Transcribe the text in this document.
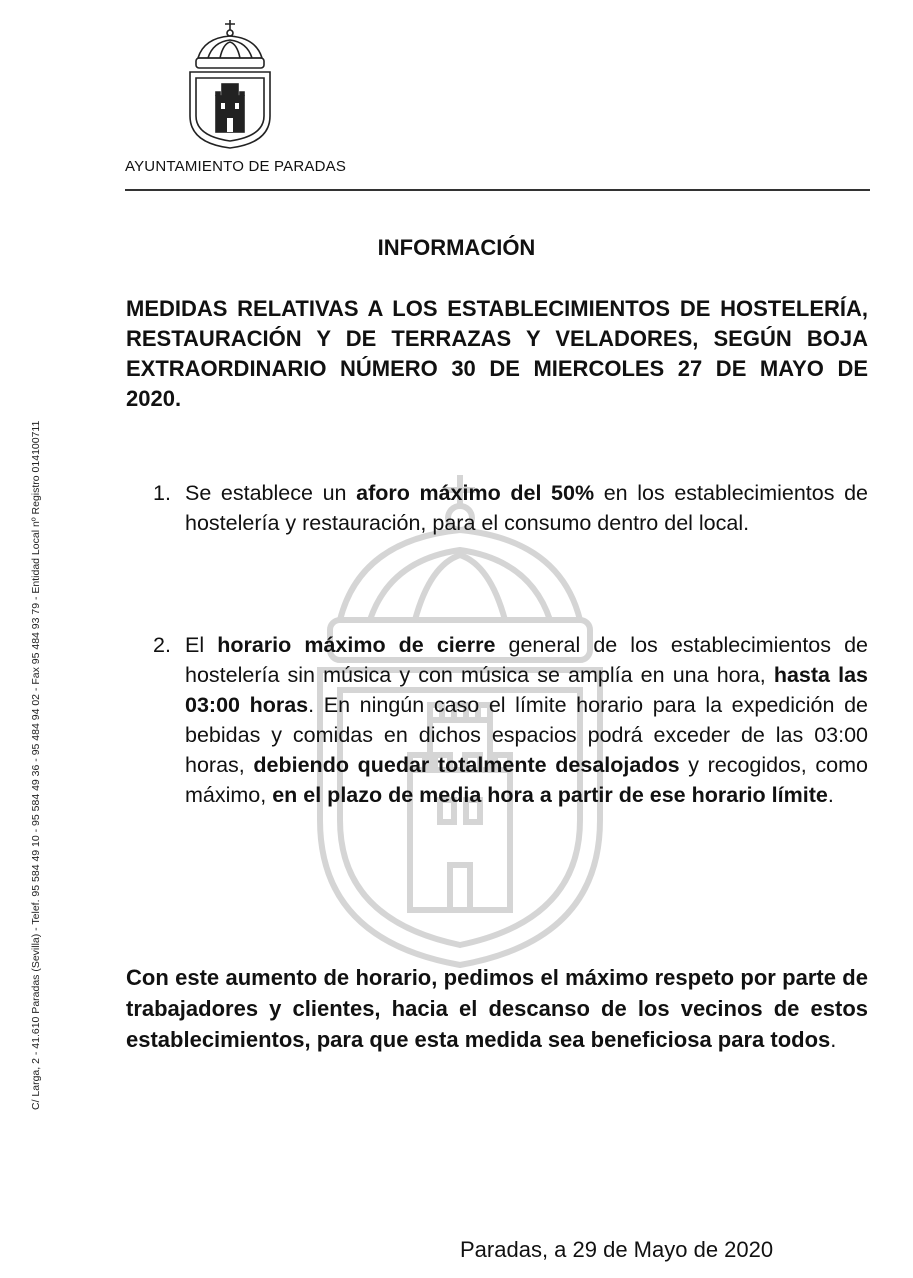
AYUNTAMIENTO DE PARADAS
C/ Larga, 2 - 41.610 Paradas (Sevilla) - Telef. 95 584 49 10 - 95 584 49 36 - 95 484 94 02 - Fax 95 484 93 79 - Entidad Local nº Registro 01410071​1
INFORMACIÓN
MEDIDAS RELATIVAS A LOS ESTABLECIMIENTOS DE HOSTELERÍA, RESTAURACIÓN Y DE TERRAZAS Y VELADORES, SEGÚN BOJA EXTRAORDINARIO NÚMERO 30 DE MIERCOLES 27 DE MAYO DE 2020.
1. Se establece un aforo máximo del 50% en los establecimientos de hostelería y restauración, para el consumo dentro del local.
2. El horario máximo de cierre general de los establecimientos de hostelería sin música y con música se amplía en una hora, hasta las 03:00 horas. En ningún caso el límite horario para la expedición de bebidas y comidas en dichos espacios podrá exceder de las 03:00 horas, debiendo quedar totalmente desalojados y recogidos, como máximo, en el plazo de media hora a partir de ese horario límite.
Con este aumento de horario, pedimos el máximo respeto por parte de trabajadores y clientes, hacia el descanso de los vecinos de estos establecimientos, para que esta medida sea beneficiosa para todos.
Paradas, a 29 de Mayo de 2020
